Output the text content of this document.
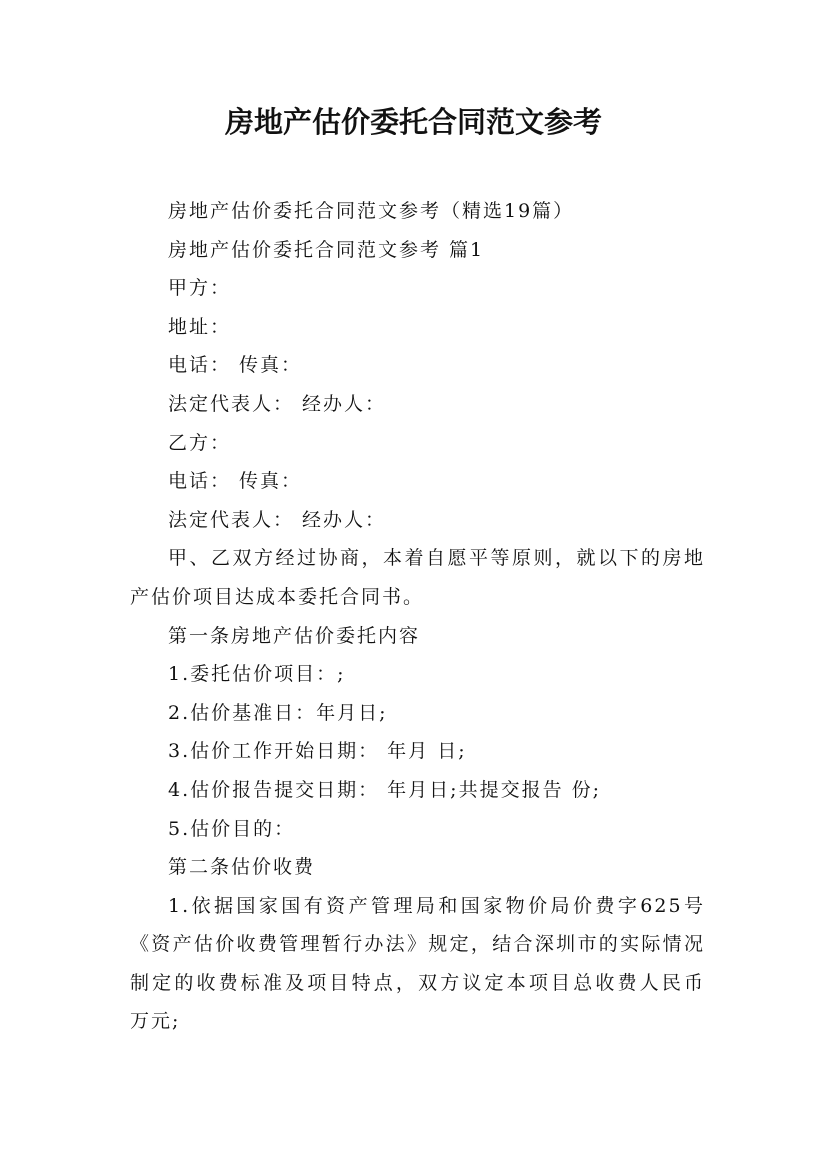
房地产估价委托合同范文参考

房地产估价委托合同范文参考（精选19篇）

房地产估价委托合同范文参考 篇1

甲方：

地址：

电话： 传真：

法定代表人： 经办人：

乙方：

电话： 传真：

法定代表人： 经办人：

甲、乙双方经过协商，本着自愿平等原则，就以下的房地产估价项目达成本委托合同书。

第一条房地产估价委托内容

1.委托估价项目：;

2.估价基准日：年月日;

3.估价工作开始日期： 年月 日;

4.估价报告提交日期： 年月日;共提交报告 份;

5.估价目的：

第二条估价收费

1.依据国家国有资产管理局和国家物价局价费字625号《资产估价收费管理暂行办法》规定，结合深圳市的实际情况制定的收费标准及项目特点，双方议定本项目总收费人民币 万元;
